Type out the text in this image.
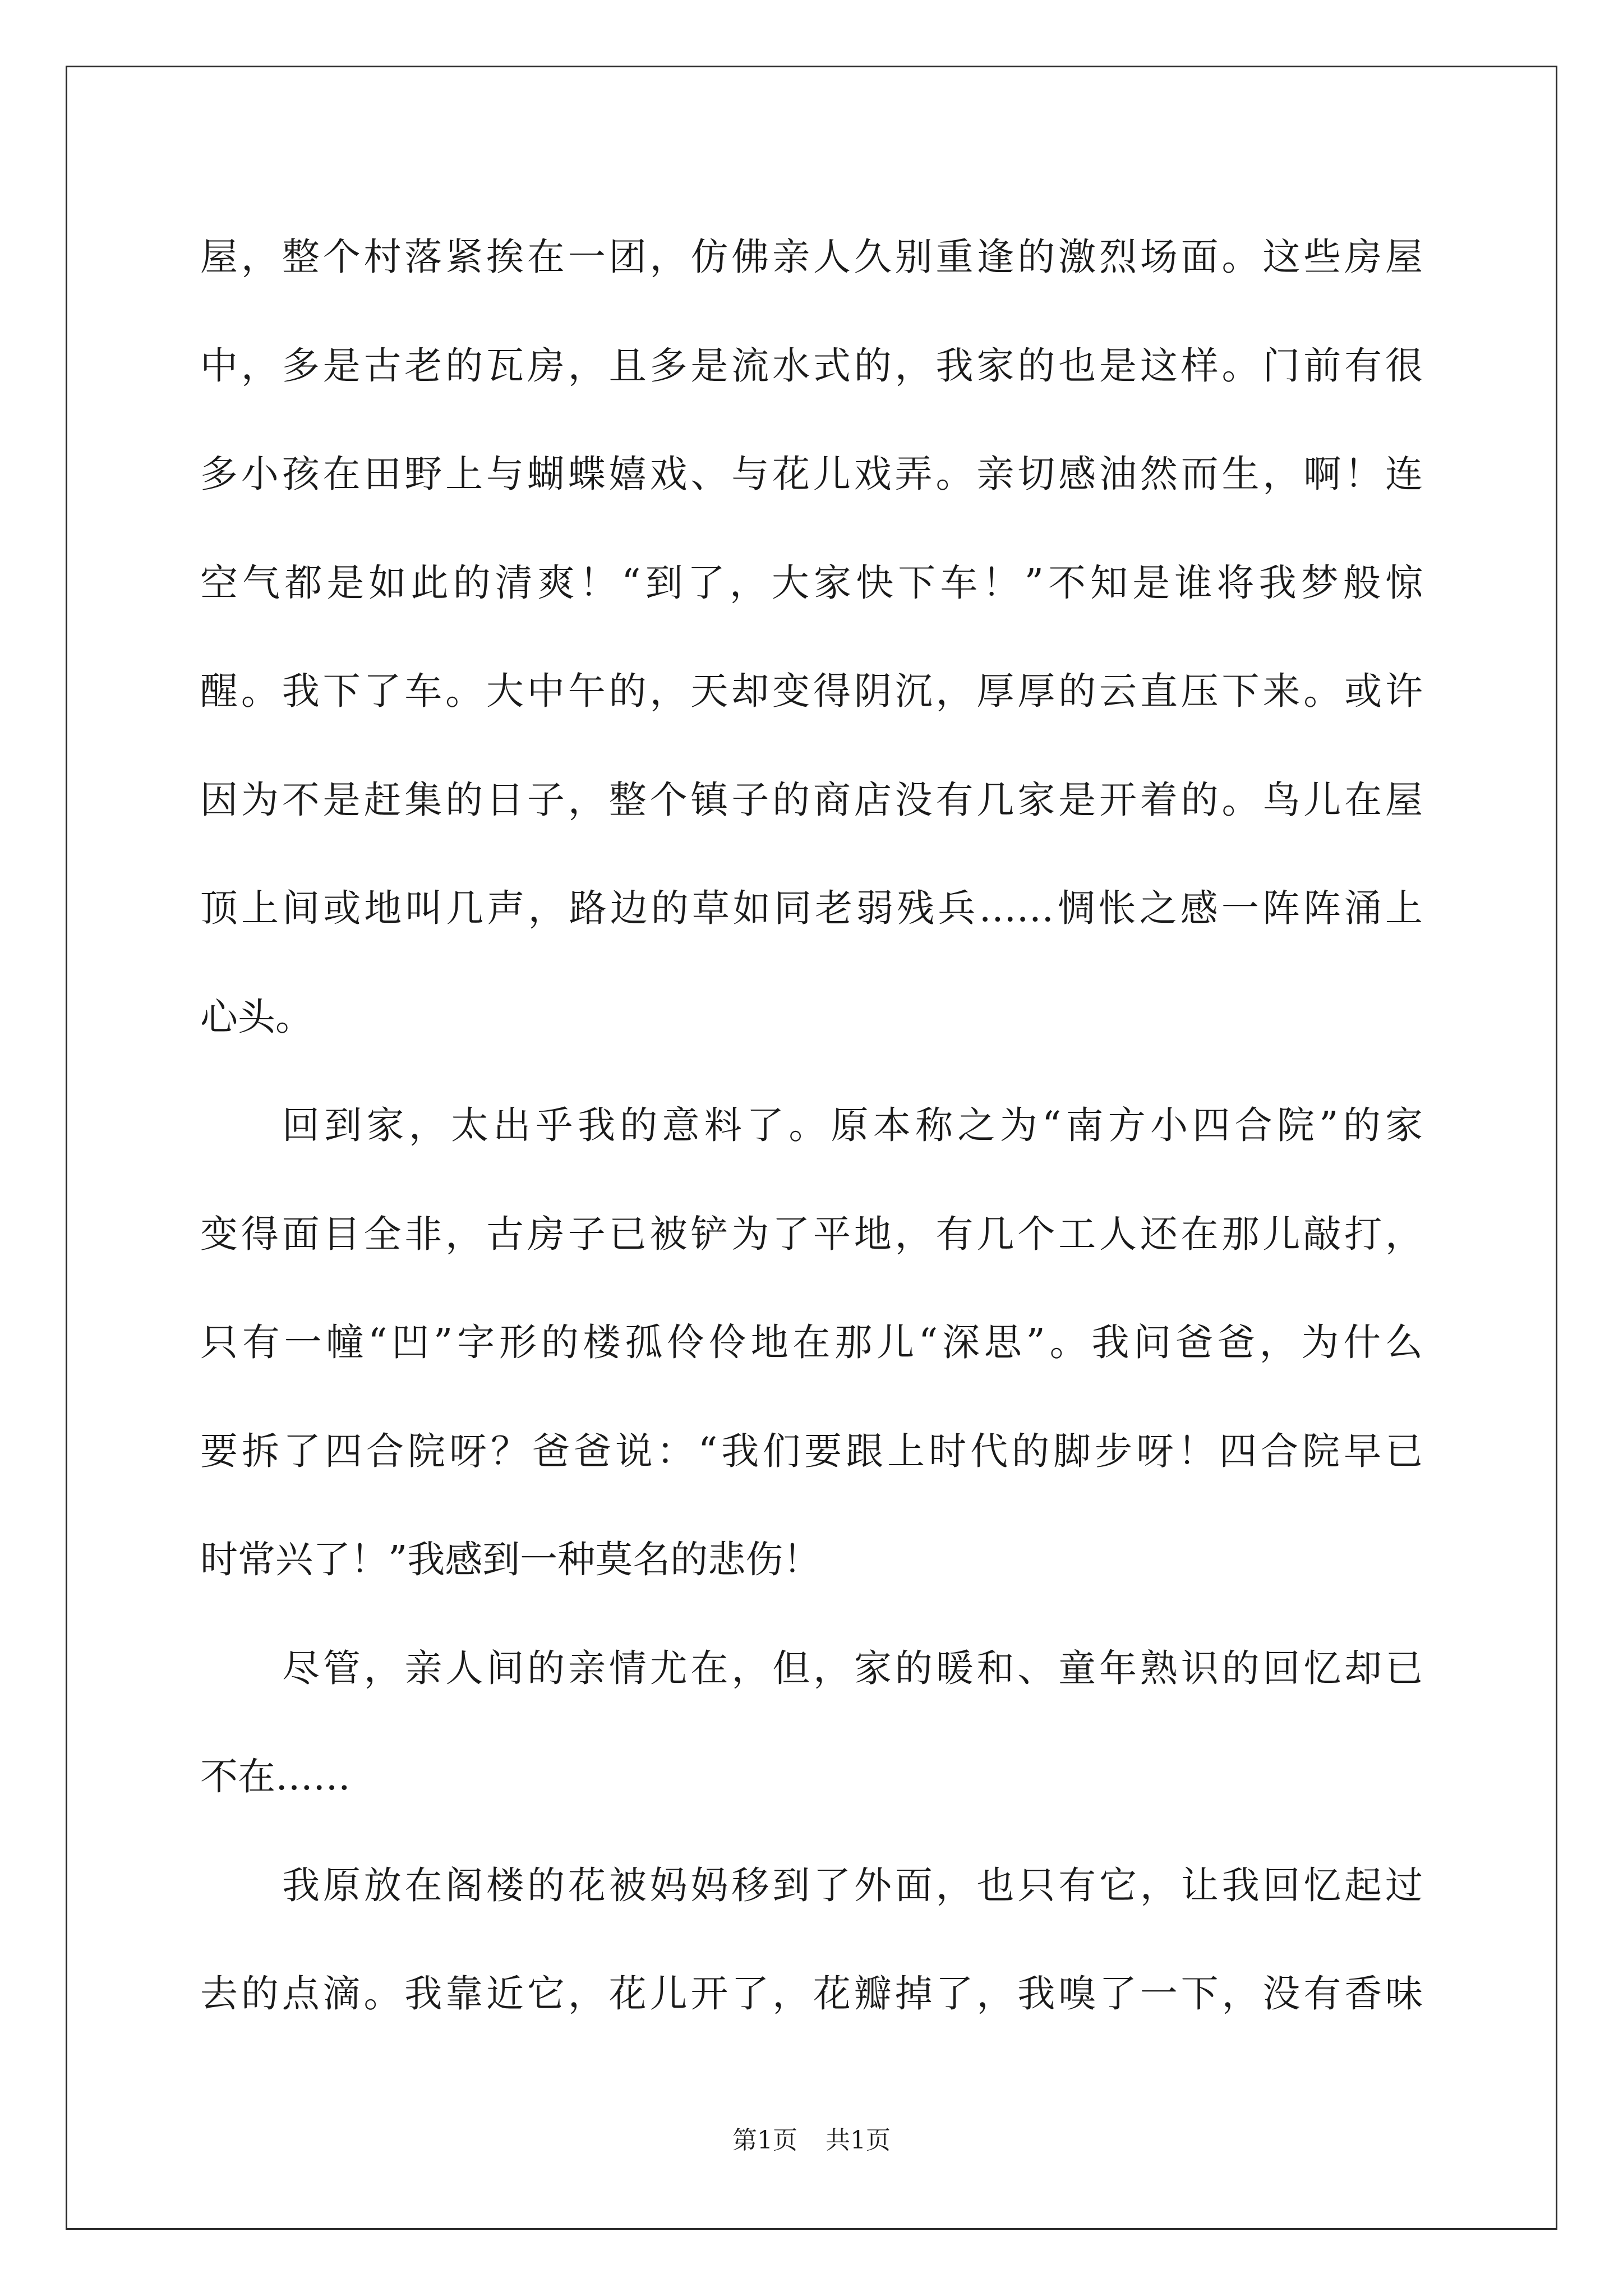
屋，整个村落紧挨在一团，仿佛亲人久别重逢的激烈场面。这些房屋
中，多是古老的瓦房，且多是流水式的，我家的也是这样。门前有很
多小孩在田野上与蝴蝶嬉戏、与花儿戏弄。亲切感油然而生，啊！连
空气都是如此的清爽！“到了，大家快下车！”不知是谁将我梦般惊
醒。我下了车。大中午的，天却变得阴沉，厚厚的云直压下来。或许
因为不是赶集的日子，整个镇子的商店没有几家是开着的。鸟儿在屋
顶上间或地叫几声，路边的草如同老弱残兵……惆怅之感一阵阵涌上
心头。
回到家，太出乎我的意料了。原本称之为“南方小四合院”的家
变得面目全非，古房子已被铲为了平地，有几个工人还在那儿敲打，
只有一幢“凹”字形的楼孤伶伶地在那儿“深思”。我问爸爸，为什么
要拆了四合院呀？爸爸说：“我们要跟上时代的脚步呀！四合院早已
时常兴了！”我感到一种莫名的悲伤！
尽管，亲人间的亲情尤在，但，家的暖和、童年熟识的回忆却已
不在……
我原放在阁楼的花被妈妈移到了外面，也只有它，让我回忆起过
去的点滴。我靠近它，花儿开了，花瓣掉了，我嗅了一下，没有香味
第1页 共1页
